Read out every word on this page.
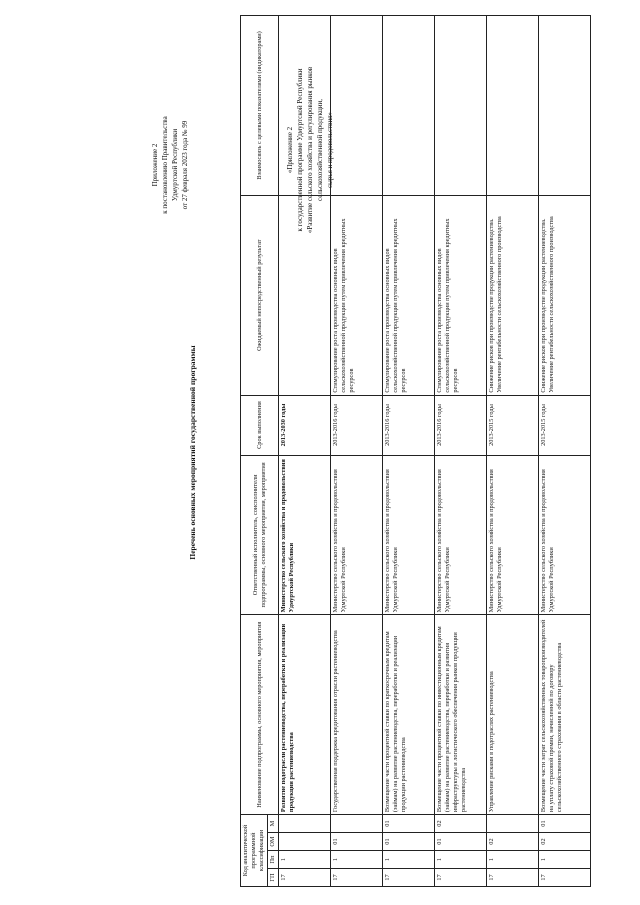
Приложение 2 к постановлению Правительства Удмуртской Республики от 27 февраля 2023 года № 99	«Приложение 2 к государственной программе Удмуртской Республики «Развитие сельского хозяйства и регулирования рынков сельскохозяйственной продукции, сырья и продовольствия»
Перечень основных мероприятий государственной программы
Код аналитической программной классификации				Наименование подпрограммы, основного мероприятия, мероприятия	Ответственный исполнитель, соисполнители подпрограммы, основного мероприятия, мероприятия	Срок выполнения	Ожидаемый непосредственный результат	Взаимосвязь с целевыми показателями (индикаторами)
ГП	Пп	ОМ	М					
17	1			Развитие подотрасли растениеводства, переработки и реализации продукции растениеводства	Министерство сельского хозяйства и продовольствия Удмуртской Республики	2013-2030 годы		
17	1	01		Государственная поддержка кредитования отрасли растениеводства	Министерство сельского хозяйства и продовольствия Удмуртской Республики	2013-2016 годы	Стимулирование роста производства основных видов сельскохозяйственной продукции путем привлечения кредитных ресурсов	
17	1	01	01	Возмещение части процентной ставки по краткосрочным кредитам (займам) на развитие растениеводства, переработки и реализации продукции растениеводства	Министерство сельского хозяйства и продовольствия Удмуртской Республики	2013-2016 годы	Стимулирование роста производства основных видов сельскохозяйственной продукции путем привлечения кредитных ресурсов	
17	1	01	02	Возмещение части процентной ставки по инвестиционным кредитам (займам) на развитие растениеводства, переработки и развития инфраструктуры и логистического обеспечения рынков продукции растениеводства	Министерство сельского хозяйства и продовольствия Удмуртской Республики	2013-2016 годы	Стимулирование роста производства основных видов сельскохозяйственной продукции путем привлечения кредитных ресурсов	
17	1	02		Управление рисками в подотраслях растениеводства	Министерство сельского хозяйства и продовольствия Удмуртской Республики	2013-2015 годы	Снижение рисков при производстве продукции растениеводства. Увеличение рентабельности сельскохозяйственного производства	
17	1	02	01	Возмещение части затрат сельскохозяйственных товаропроизводителей на уплату страховой премии, начисленной по договору сельскохозяйственного страхования в области растениеводства	Министерство сельского хозяйства и продовольствия Удмуртской Республики	2013-2015 годы	Снижение рисков при производстве продукции растениеводства. Увеличение рентабельности сельскохозяйственного производства	
